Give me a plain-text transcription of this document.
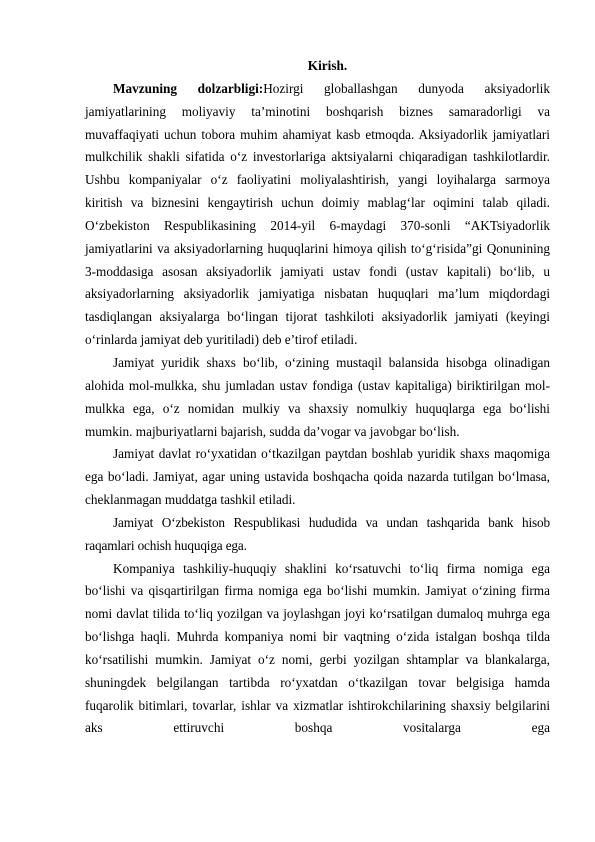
Kirish.

Mavzuning dolzarbligi:Hozirgi globallashgan dunyoda aksiyadorlik jamiyatlarining moliyaviy ta’minotini boshqarish biznes samaradorligi va muvaffaqiyati uchun tobora muhim ahamiyat kasb etmoqda. Aksiyadorlik jamiyatlari mulkchilik shakli sifatida o‘z investorlariga aktsiyalarni chiqaradigan tashkilotlardir. Ushbu kompaniyalar o‘z faoliyatini moliyalashtirish, yangi loyihalarga sarmoya kiritish va biznesini kengaytirish uchun doimiy mablag‘lar oqimini talab qiladi. O‘zbekiston Respublikasining 2014-yil 6-maydagi 370-sonli “AKTsiyadorlik jamiyatlarini va aksiyadorlarning huquqlarini himoya qilish to‘g‘risida”gi Qonunining 3-moddasiga asosan aksiyadorlik jamiyati ustav fondi (ustav kapitali) bo‘lib, u aksiyadorlarning aksiyadorlik jamiyatiga nisbatan huquqlari ma’lum miqdordagi tasdiqlangan aksiyalarga bo‘lingan tijorat tashkiloti aksiyadorlik jamiyati (keyingi o‘rinlarda jamiyat deb yuritiladi) deb e’tirof etiladi.

Jamiyat yuridik shaxs bo‘lib, o‘zining mustaqil balansida hisobga olinadigan alohida mol-mulkka, shu jumladan ustav fondiga (ustav kapitaliga) biriktirilgan mol-mulkka ega, o‘z nomidan mulkiy va shaxsiy nomulkiy huquqlarga ega bo‘lishi mumkin. majburiyatlarni bajarish, sudda da’vogar va javobgar bo‘lish.

Jamiyat davlat ro‘yxatidan o‘tkazilgan paytdan boshlab yuridik shaxs maqomiga ega bo‘ladi. Jamiyat, agar uning ustavida boshqacha qoida nazarda tutilgan bo‘lmasa, cheklanmagan muddatga tashkil etiladi.

Jamiyat O‘zbekiston Respublikasi hududida va undan tashqarida bank hisob raqamlari ochish huquqiga ega.

Kompaniya tashkiliy-huquqiy shaklini ko‘rsatuvchi to‘liq firma nomiga ega bo‘lishi va qisqartirilgan firma nomiga ega bo‘lishi mumkin. Jamiyat o‘zining firma nomi davlat tilida to‘liq yozilgan va joylashgan joyi ko‘rsatilgan dumaloq muhrga ega bo‘lishga haqli. Muhrda kompaniya nomi bir vaqtning o‘zida istalgan boshqa tilda ko‘rsatilishi mumkin. Jamiyat o‘z nomi, gerbi yozilgan shtamplar va blankalarga, shuningdek belgilangan tartibda ro‘yxatdan o‘tkazilgan tovar belgisiga hamda fuqarolik bitimlari, tovarlar, ishlar va xizmatlar ishtirokchilarining shaxsiy belgilarini aks ettiruvchi boshqa vositalarga ega
